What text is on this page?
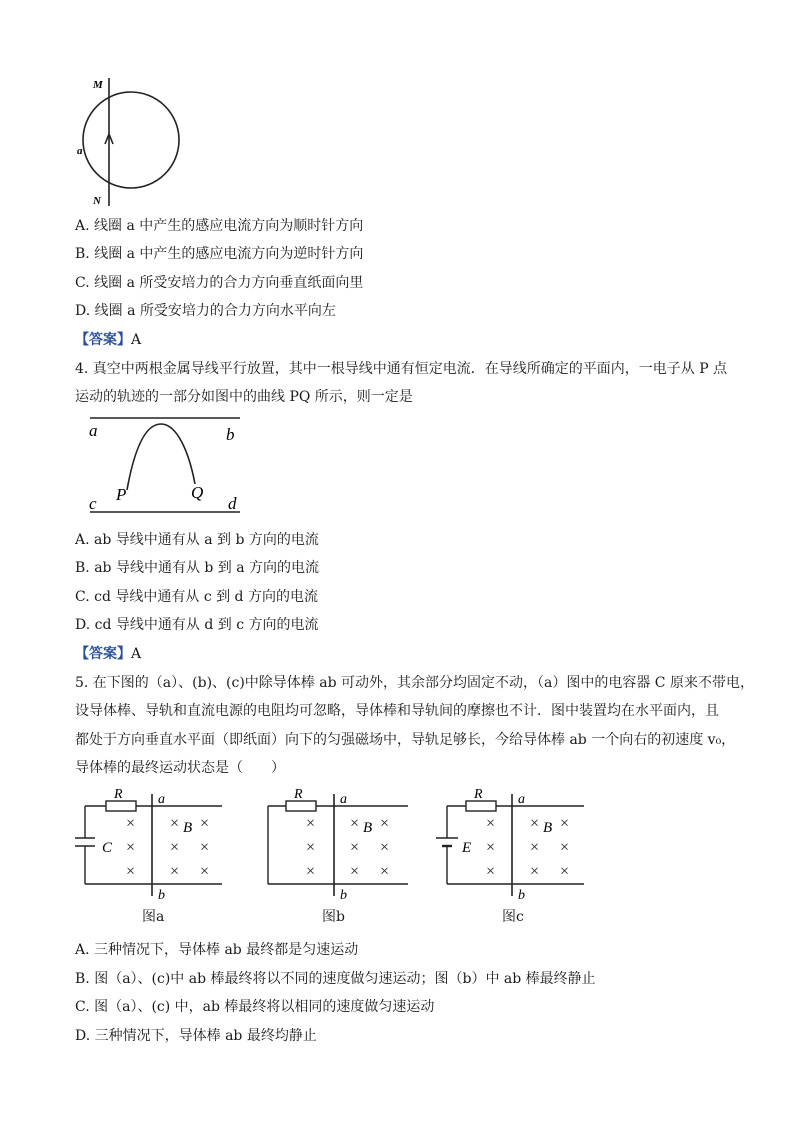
M
a
N
A. 线圈 a 中产生的感应电流方向为顺时针方向
B. 线圈 a 中产生的感应电流方向为逆时针方向
C. 线圈 a 所受安培力的合力方向垂直纸面向里
D. 线圈 a 所受安培力的合力方向水平向左
【答案】A
4. 真空中两根金属导线平行放置，其中一根导线中通有恒定电流．在导线所确定的平面内，一电子从 P 点
运动的轨迹的一部分如图中的曲线 PQ 所示，则一定是
a	b
c	d
P	Q
A. ab 导线中通有从 a 到 b 方向的电流
B. ab 导线中通有从 b 到 a 方向的电流
C. cd 导线中通有从 c 到 d 方向的电流
D. cd 导线中通有从 d 到 c 方向的电流
【答案】A
5. 在下图的（a）、(b)、(c)中除导体棒 ab 可动外，其余部分均固定不动，（a）图中的电容器 C 原来不带电，
设导体棒、导轨和直流电源的电阻均可忽略，导体棒和导轨间的摩擦也不计．图中装置均在水平面内，且
都处于方向垂直水平面（即纸面）向下的匀强磁场中，导轨足够长，今给导体棒 ab 一个向右的初速度 v₀，
导体棒的最终运动状态是（　　）
R	a
b
C
×
×
×
×
×
×
×
×
×
B
图a
R	a
b
×
×
×
×
×
×
×
×
×
B
图b
R	a
b
E
×
×
×
×
×
×
×
×
×
B
图c
A. 三种情况下，导体棒 ab 最终都是匀速运动
B. 图（a）、(c)中 ab 棒最终将以不同的速度做匀速运动；图（b）中 ab 棒最终静止
C. 图（a）、(c) 中，ab 棒最终将以相同的速度做匀速运动
D. 三种情况下，导体棒 ab 最终均静止
